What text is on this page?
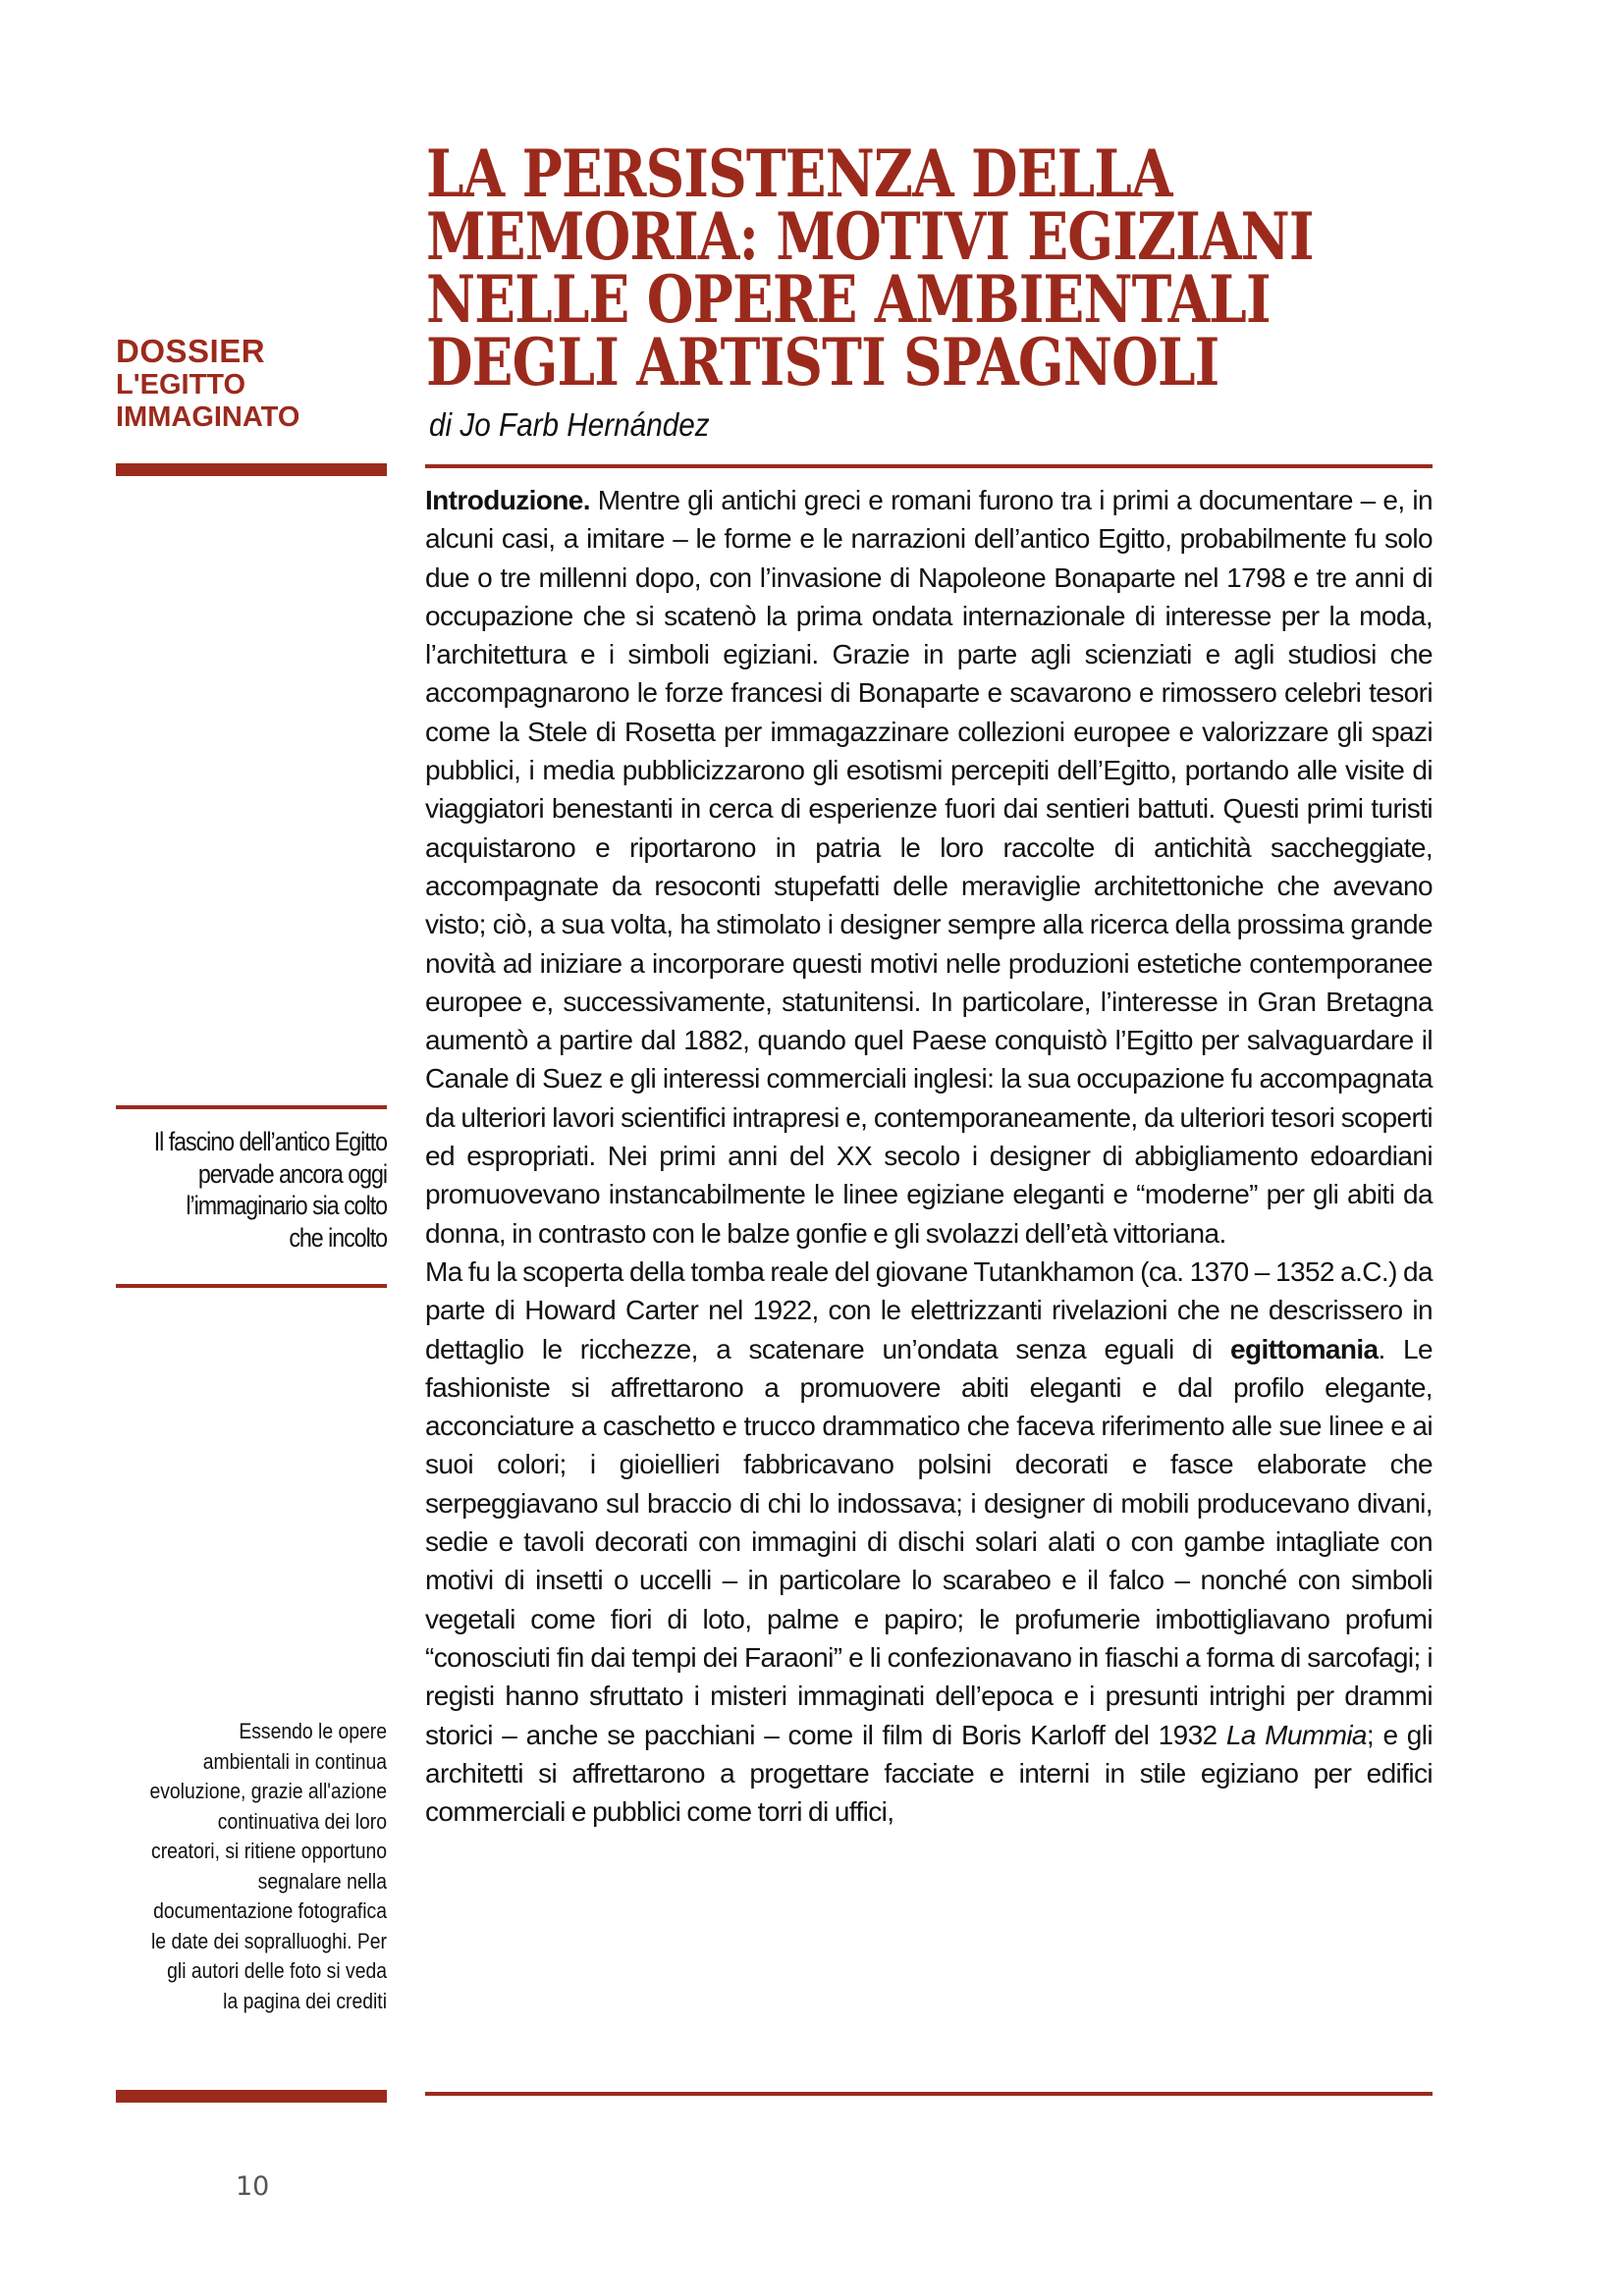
DOSSIER
L'EGITTO
IMMAGINATO
Il fascino dell’antico Egitto pervade ancora oggi l’immaginario sia colto che incolto
Essendo le opere ambientali in continua evoluzione, grazie all'azione continuativa dei loro creatori, si ritiene opportuno segnalare nella documentazione fotografica le date dei sopralluoghi. Per gli autori delle foto si veda la pagina dei crediti
10
LA PERSISTENZA DELLA
MEMORIA: MOTIVI EGIZIANI
NELLE OPERE AMBIENTALI
DEGLI ARTISTI SPAGNOLI
di Jo Farb Hernández

Introduzione. Mentre gli antichi greci e romani furono tra i primi a documentare – e, in alcuni casi, a imitare – le forme e le narrazioni dell’antico Egitto, probabilmente fu solo due o tre millenni dopo, con l’invasione di Napoleone Bonaparte nel 1798 e tre anni di occupazione che si scatenò la prima ondata internazionale di interesse per la moda, l’architettura e i simboli egiziani. Grazie in parte agli scienziati e agli studiosi che accompagnarono le forze francesi di Bonaparte e scavarono e rimossero celebri tesori come la Stele di Rosetta per immagazzinare collezioni europee e valorizzare gli spazi pubblici, i media pubblicizzarono gli esotismi percepiti dell’Egitto, portando alle visite di viaggiatori benestanti in cerca di esperienze fuori dai sentieri battuti. Questi primi turisti acquistarono e riportarono in patria le loro raccolte di antichità saccheggiate, accompagnate da resoconti stupefatti delle meraviglie architettoniche che avevano visto; ciò, a sua volta, ha stimolato i designer sempre alla ricerca della prossima grande novità ad iniziare a incorporare questi motivi nelle produzioni estetiche contemporanee europee e, successivamente, statunitensi. In particolare, l’interesse in Gran Bretagna aumentò a partire dal 1882, quando quel Paese conquistò l’Egitto per salvaguardare il Canale di Suez e gli interessi commerciali inglesi: la sua occupazione fu accompagnata da ulteriori lavori scientifici intrapresi e, contemporaneamente, da ulteriori tesori scoperti ed espropriati. Nei primi anni del XX secolo i designer di abbigliamento edoardiani promuovevano instancabilmente le linee egiziane eleganti e “moderne” per gli abiti da donna, in contrasto con le balze gonfie e gli svolazzi dell’età vittoriana.

Ma fu la scoperta della tomba reale del giovane Tutankhamon (ca. 1370 – 1352 a.C.) da parte di Howard Carter nel 1922, con le elettrizzanti rivelazioni che ne descrissero in dettaglio le ricchezze, a scatenare un’ondata senza eguali di egittomania. Le fashioniste si affrettarono a promuovere abiti eleganti e dal profilo elegante, acconciature a caschetto e trucco drammatico che faceva riferimento alle sue linee e ai suoi colori; i gioiellieri fabbricavano polsini decorati e fasce elaborate che serpeggiavano sul braccio di chi lo indossava; i designer di mobili producevano divani, sedie e tavoli decorati con immagini di dischi solari alati o con gambe intagliate con motivi di insetti o uccelli – in particolare lo scarabeo e il falco – nonché con simboli vegetali come fiori di loto, palme e papiro; le profumerie imbottigliavano profumi “conosciuti fin dai tempi dei Faraoni” e li confezionavano in fiaschi a forma di sarcofagi; i registi hanno sfruttato i misteri immaginati dell’epoca e i presunti intrighi per drammi storici – anche se pacchiani – come il film di Boris Karloff del 1932 La Mummia; e gli architetti si affrettarono a progettare facciate e interni in stile egiziano per edifici commerciali e pubblici come torri di uffici,
